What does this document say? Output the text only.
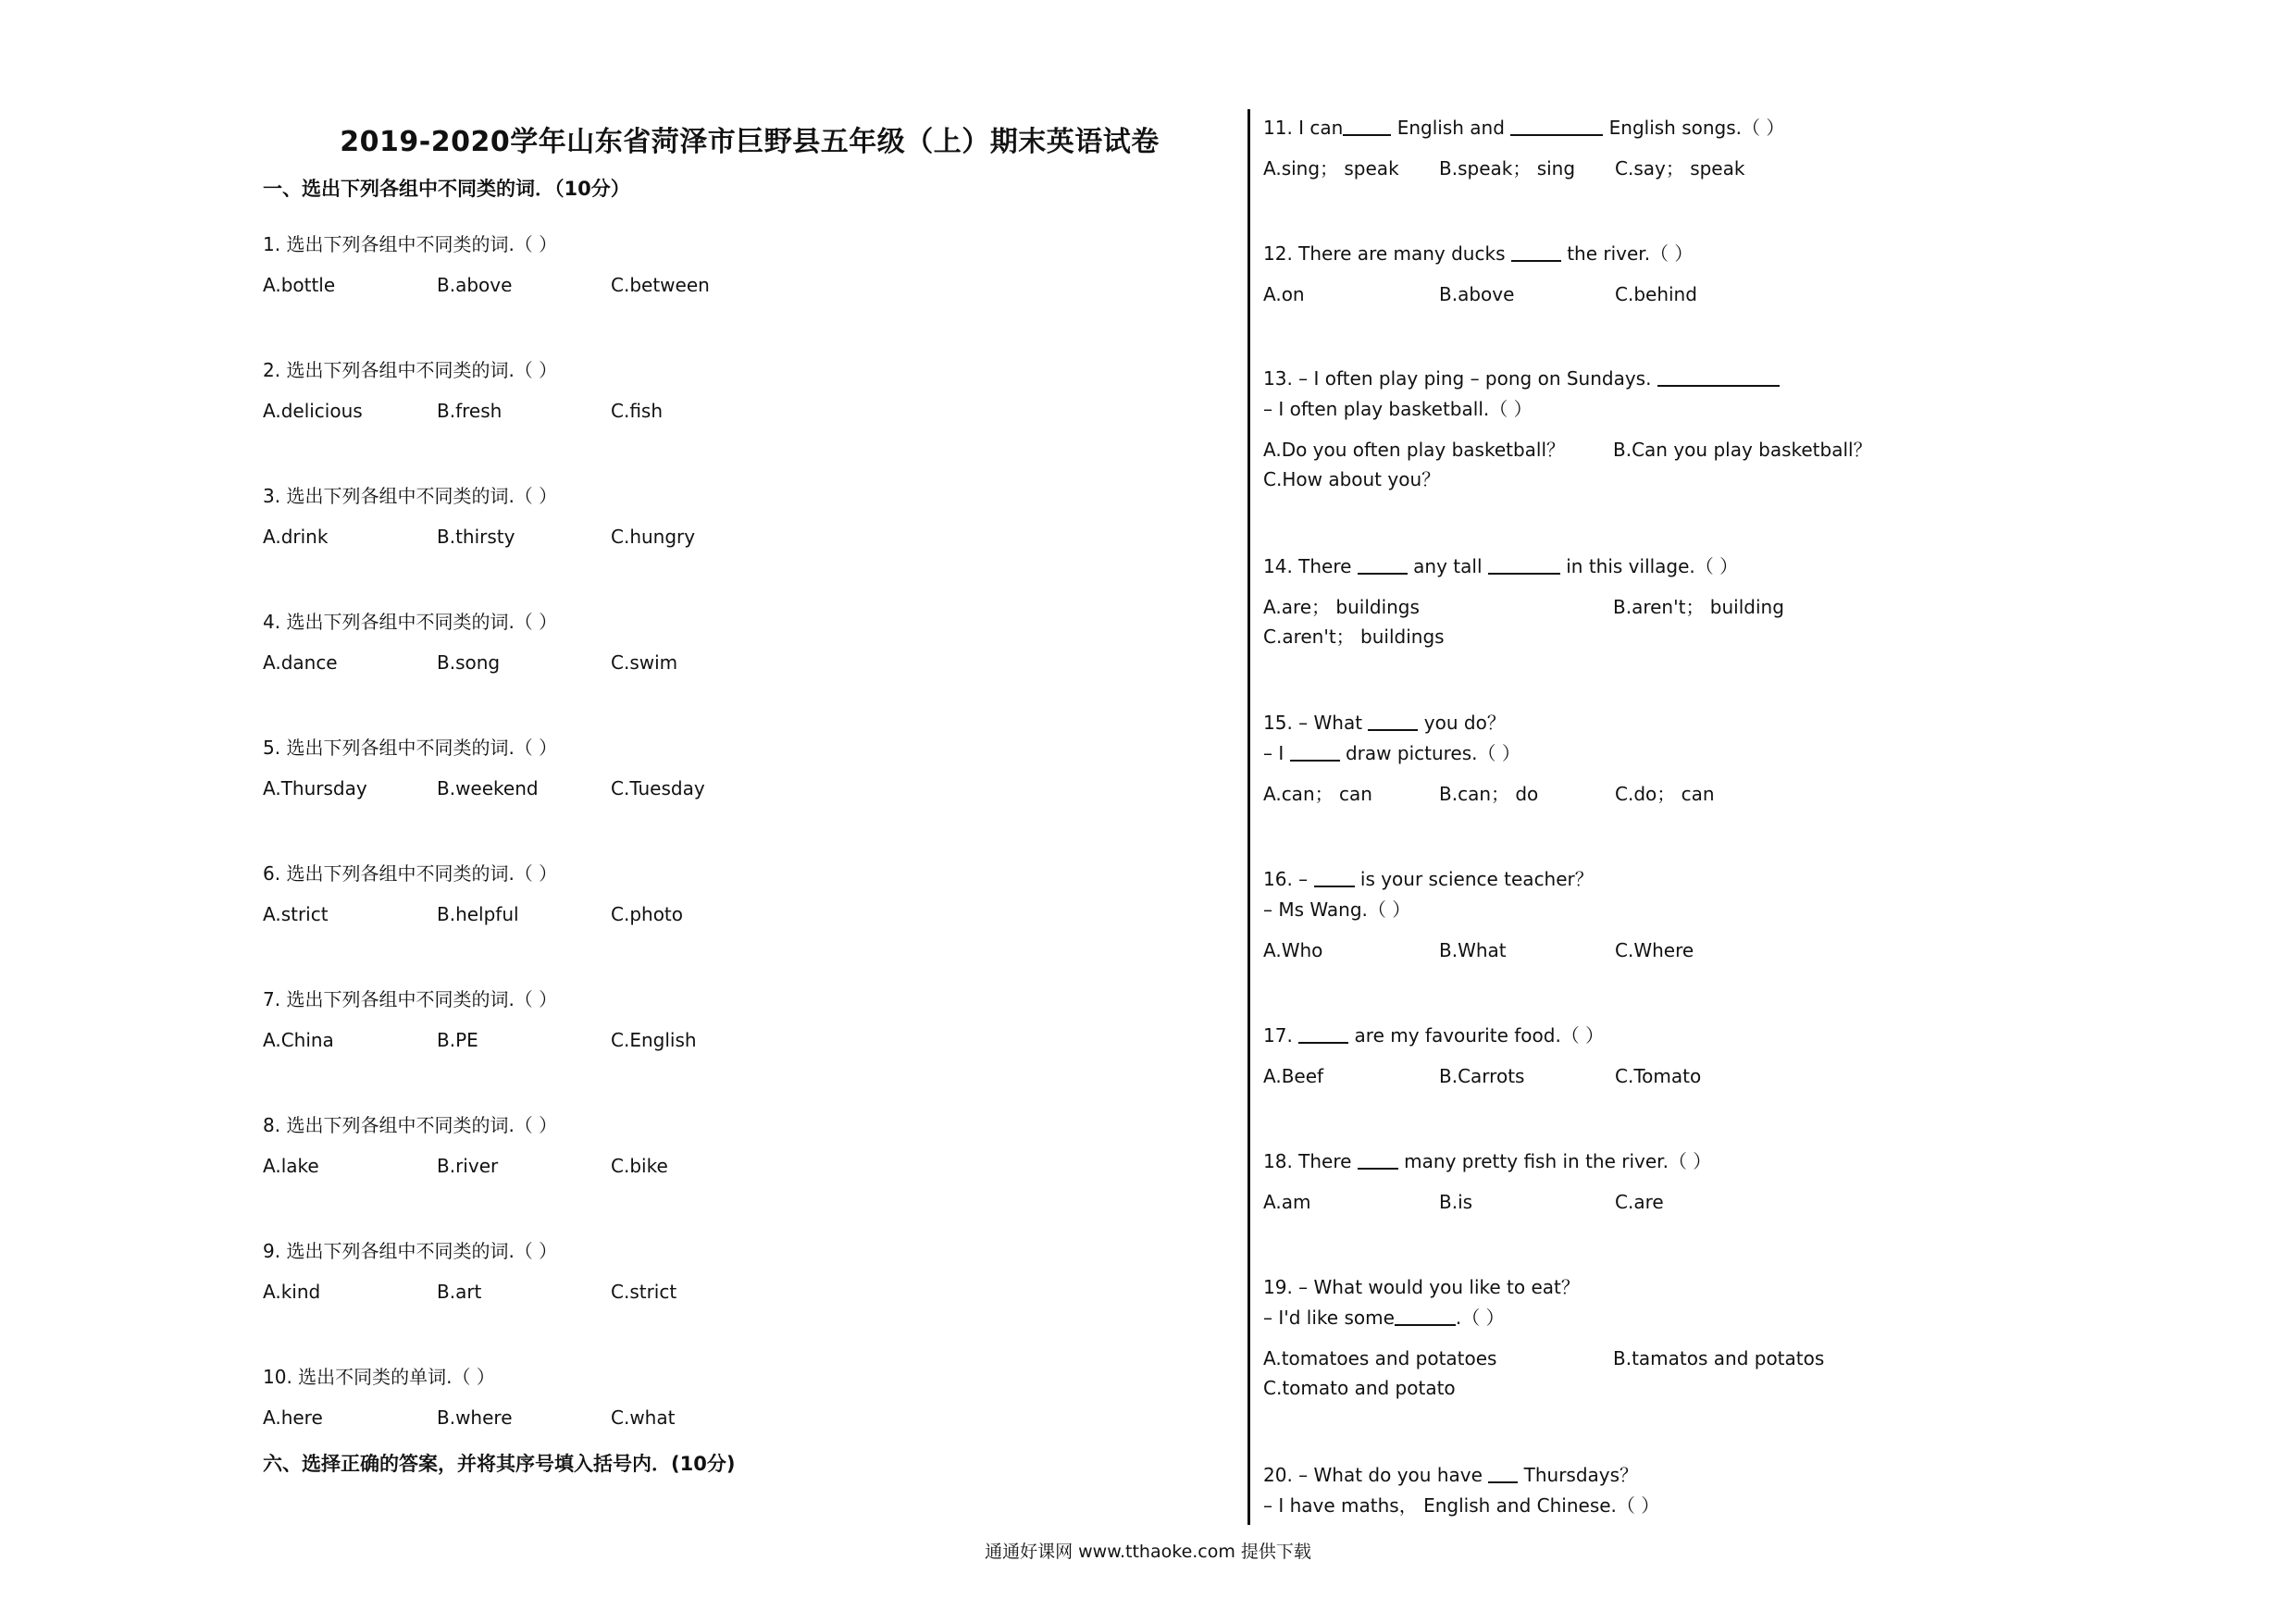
2019-2020学年山东省菏泽市巨野县五年级（上）期末英语试卷
一、选出下列各组中不同类的词．（10分）
1. 选出下列各组中不同类的词.（ ）
A.bottle	B.above	C.between
2. 选出下列各组中不同类的词.（ ）
A.delicious	B.fresh	C.fish
3. 选出下列各组中不同类的词.（ ）
A.drink	B.thirsty	C.hungry
4. 选出下列各组中不同类的词.（ ）
A.dance	B.song	C.swim
5. 选出下列各组中不同类的词.（ ）
A.Thursday	B.weekend	C.Tuesday
6. 选出下列各组中不同类的词.（ ）
A.strict	B.helpful	C.photo
7. 选出下列各组中不同类的词.（ ）
A.China	B.PE	C.English
8. 选出下列各组中不同类的词.（ ）
A.lake	B.river	C.bike
9. 选出下列各组中不同类的词.（ ）
A.kind	B.art	C.strict
10. 选出不同类的单词.（ ）
A.here	B.where	C.what
六、选择正确的答案，并将其序号填入括号内．(10分)
11. I can	English and	English songs.（ ）
A.sing； speak B.speak； sing C.say； speak
12. There are many ducks	the river.（ ）
A.on	B.above	C.behind
13. – I often play ping – pong on Sundays.
– I often play basketball.（ ）
A.Do you often play basketball？	B.Can you play basketball？
C.How about you？
14. There	any tall	in this village.（ ）
A.are； buildings	B.aren't； building
C.aren't； buildings
15. – What	you do？
– I	draw pictures.（ ）
A.can； can	B.can； do	C.do； can
16. –  is your science teacher？
– Ms Wang.（ ）
A.Who	B.What	C.Where
17.	are my favourite food.（ ）
A.Beef	B.Carrots	C.Tomato
18. There  many pretty fish in the river.（ ）
A.am	B.is	C.are
19. – What would you like to eat？
– I'd like some	.（ ）
A.tomatoes and potatoes	B.tamatos and potatos
C.tomato and potato
20. – What do you have  Thursdays？
– I have maths， English and Chinese.（ ）
通通好课网 www.tthaoke.com 提供下载
